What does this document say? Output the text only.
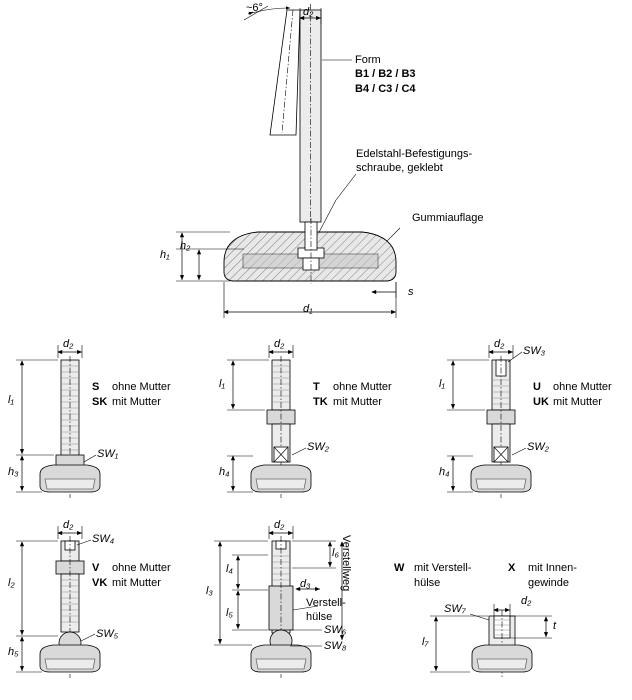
~6°	d₂
Form
B1 / B2 / B3
B4 / C3 / C4
Edelstahl-Befestigungs-
schraube, geklebt
Gummiauflage
h₁
h₂
s
d₁
d₂
S ohne Mutter
SK mit Mutter
l₁
h₃
SW₁
d₂
T ohne Mutter
TK mit Mutter
l₁
h₄
SW₂
d₂
SW₃
U ohne Mutter
UK mit Mutter
l₁
h₄
SW₂
d₂
SW₄
V ohne Mutter
VK mit Mutter
l₂
h₅
SW₅
d₂
l₆
l₃
l₄
l₅
d₃	Verstellweg
Verstell-
hülse
SW₆
SW₈
W mit Verstell-
hülse
X mit Innen-
gewinde
SW₇
d₂
t
l₇
